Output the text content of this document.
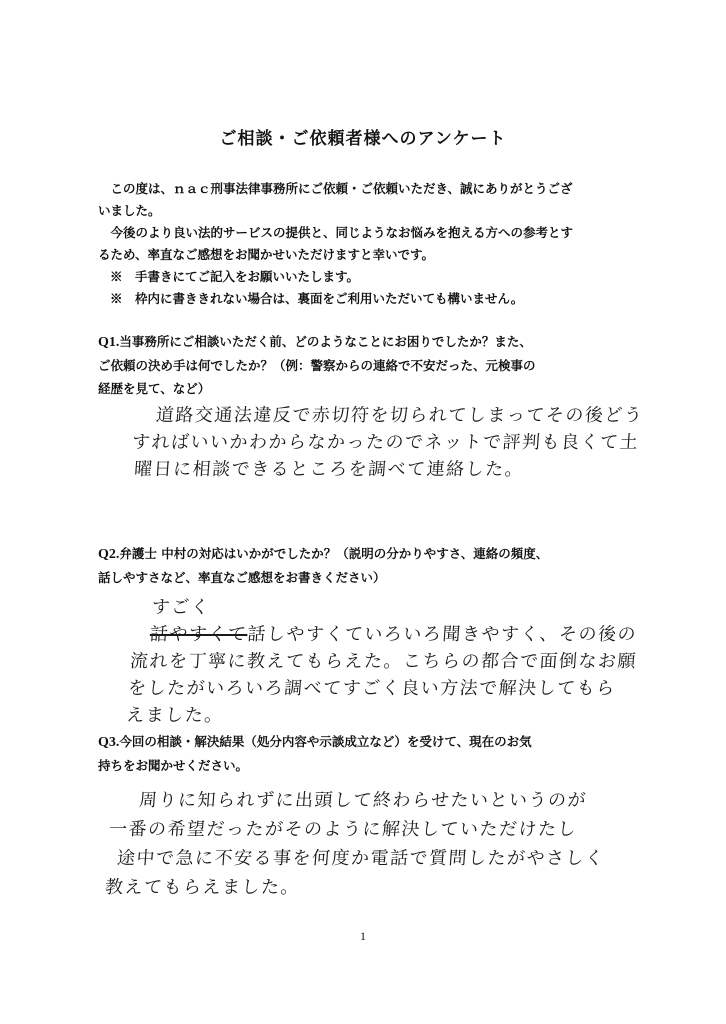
ご相談・ご依頼者様へのアンケート

この度は、ｎａｃ刑事法律事務所にご依頼・ご依頼いただき、誠にありがとうござ

いました。

今後のより良い法的サービスの提供と、同じようなお悩みを抱える方への参考とす

るため、率直なご感想をお聞かせいただけますと幸いです。

※　手書きにてご記入をお願いいたします。

※　枠内に書ききれない場合は、裏面をご利用いただいても構いません。

Q1.当事務所にご相談いただく前、どのようなことにお困りでしたか？また、
ご依頼の決め手は何でしたか？（例：警察からの連絡で不安だった、元検事の
経歴を見て、など）
道路交通法違反で赤切符を切られてしまってその後どう
すればいいかわからなかったのでネットで評判も良くて土
曜日に相談できるところを調べて連絡した。
Q2.弁護士 中村の対応はいかがでしたか？（説明の分かりやすさ、連絡の頻度、
話しやすさなど、率直なご感想をお書きください）
すごく
話やすくて話しやすくていろいろ聞きやすく、その後の
流れを丁寧に教えてもらえた。こちらの都合で面倒なお願
をしたがいろいろ調べてすごく良い方法で解決してもら
えました。
Q3.今回の相談・解決結果（処分内容や示談成立など）を受けて、現在のお気
持ちをお聞かせください。
周りに知られずに出頭して終わらせたいというのが
一番の希望だったがそのように解決していただけたし
途中で急に不安る事を何度か電話で質問したがやさしく
教えてもらえました。
1
